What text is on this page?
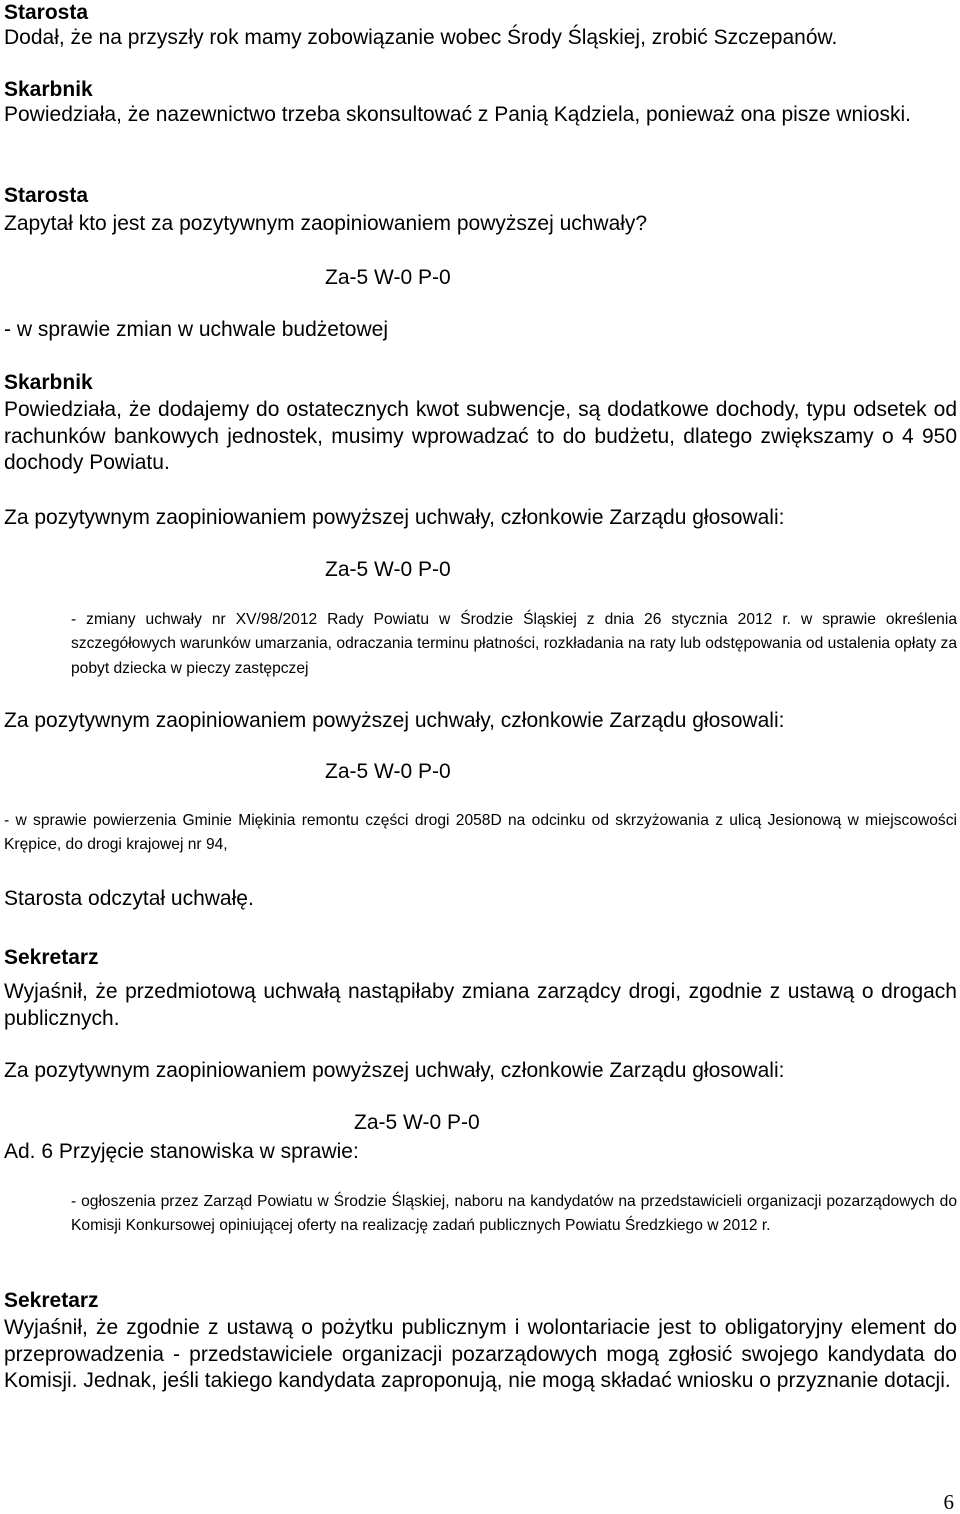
Starosta
Dodał, że na przyszły rok mamy zobowiązanie wobec Środy Śląskiej, zrobić Szczepanów.
Skarbnik
Powiedziała, że nazewnictwo trzeba skonsultować z Panią Kądziela, ponieważ ona pisze wnioski.
Starosta
Zapytał kto jest za pozytywnym zaopiniowaniem powyższej uchwały?
Za-5 W-0 P-0
- w sprawie zmian w uchwale budżetowej
Skarbnik
Powiedziała, że dodajemy do ostatecznych kwot subwencje, są dodatkowe dochody, typu odsetek od rachunków bankowych jednostek, musimy wprowadzać to do budżetu, dlatego zwiększamy o 4 950 dochody Powiatu.
Za pozytywnym zaopiniowaniem powyższej uchwały, członkowie Zarządu głosowali:
Za-5 W-0 P-0
- zmiany uchwały nr XV/98/2012 Rady Powiatu w Środzie Śląskiej z dnia 26 stycznia 2012 r. w sprawie określenia szczegółowych warunków umarzania, odraczania terminu płatności, rozkładania na raty lub odstępowania od ustalenia opłaty za pobyt dziecka w pieczy zastępczej
Za pozytywnym zaopiniowaniem powyższej uchwały, członkowie Zarządu głosowali:
Za-5 W-0 P-0
- w sprawie powierzenia Gminie Miękinia remontu części drogi 2058D na odcinku od skrzyżowania z ulicą Jesionową w miejscowości Krępice, do drogi krajowej nr 94,
Starosta odczytał uchwałę.
Sekretarz
Wyjaśnił, że przedmiotową uchwałą nastąpiłaby zmiana zarządcy drogi, zgodnie z ustawą o drogach publicznych.
Za pozytywnym zaopiniowaniem powyższej uchwały, członkowie Zarządu głosowali:
Za-5 W-0 P-0
Ad. 6 Przyjęcie stanowiska w sprawie:
- ogłoszenia przez Zarząd Powiatu w Środzie Śląskiej, naboru na kandydatów na przedstawicieli organizacji pozarządowych do Komisji Konkursowej opiniującej oferty na realizację zadań publicznych Powiatu Średzkiego w 2012 r.
Sekretarz
Wyjaśnił, że zgodnie z ustawą o pożytku publicznym i wolontariacie jest to obligatoryjny element do przeprowadzenia - przedstawiciele organizacji pozarządowych mogą zgłosić swojego kandydata do Komisji. Jednak, jeśli takiego kandydata zaproponują, nie mogą składać wniosku o przyznanie dotacji.
6
